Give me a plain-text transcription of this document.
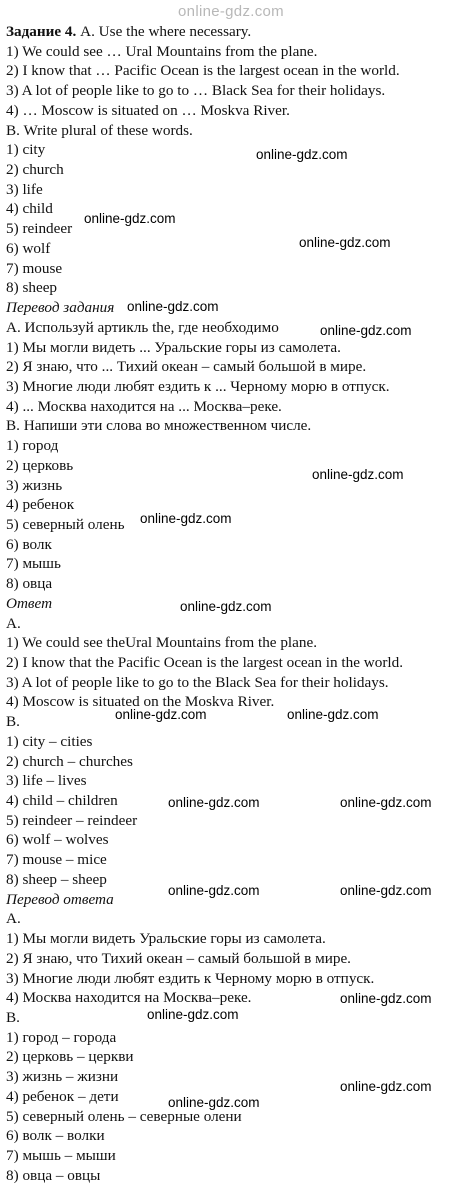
online-gdz.com
Задание 4. A. Use the where necessary.
1) We could see … Ural Mountains from the plane.
2) I know that … Pacific Ocean is the largest ocean in the world.
3) A lot of people like to go to … Black Sea for their holidays.
4) … Moscow is situated on … Moskva River.
B. Write plural of these words.
1) city
2) church
3) life
4) child
5) reindeer
6) wolf
7) mouse
8) sheep
Перевод задания
А. Используй артикль the, где необходимо
1) Мы могли видеть ... Уральские горы из самолета.
2) Я знаю, что ... Тихий океан – самый большой в мире.
3) Многие люди любят ездить к ... Черному морю в отпуск.
4) ... Москва находится на ... Москва–реке.
В. Напиши эти слова во множественном числе.
1) город
2) церковь
3) жизнь
4) ребенок
5) северный олень
6) волк
7) мышь
8) овца
Ответ
A.
1) We could see theUral Mountains from the plane.
2) I know that the Pacific Ocean is the largest ocean in the world.
3) A lot of people like to go to the Black Sea for their holidays.
4) Moscow is situated on the Moskva River.
B.
1) city – cities
2) church – churches
3) life – lives
4) child – children
5) reindeer – reindeer
6) wolf – wolves
7) mouse – mice
8) sheep – sheep
Перевод ответа
А.
1) Мы могли видеть Уральские горы из самолета.
2) Я знаю, что Тихий океан – самый большой в мире.
3) Многие люди любят ездить к Черному морю в отпуск.
4) Москва находится на Москва–реке.
В.
1) город – города
2) церковь – церкви
3) жизнь – жизни
4) ребенок – дети
5) северный олень – северные олени
6) волк – волки
7) мышь – мыши
8) овца – овцы
online-gdz.com
online-gdz.com
online-gdz.com
online-gdz.com
online-gdz.com
online-gdz.com
online-gdz.com
online-gdz.com
online-gdz.com	online-gdz.com
online-gdz.com	online-gdz.com
online-gdz.com	online-gdz.com
online-gdz.com
online-gdz.com
online-gdz.com
online-gdz.com
